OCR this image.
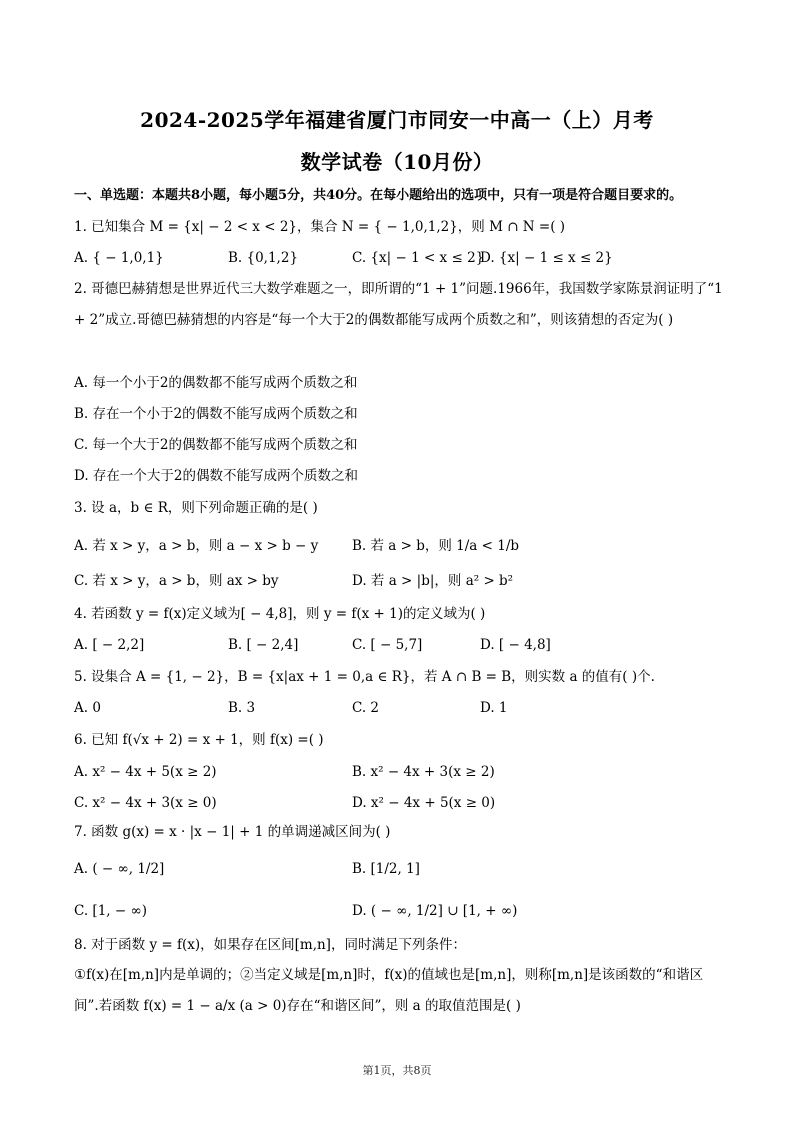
2024-2025学年福建省厦门市同安一中高一（上）月考
数学试卷（10月份）
一、单选题：本题共8小题，每小题5分，共40分。在每小题给出的选项中，只有一项是符合题目要求的。
1. 已知集合 M = {x| − 2 < x < 2}，集合 N = { − 1,0,1,2}，则 M ∩ N =( )
A. { − 1,0,1}	B. {0,1,2}	C. {x| − 1 < x ≤ 2}
D. {x| − 1 ≤ x ≤ 2}
2. 哥德巴赫猜想是世界近代三大数学难题之一，即所谓的“1 + 1”问题.1966年，我国数学家陈景润证明了“1 + 2”成立.哥德巴赫猜想的内容是“每一个大于2的偶数都能写成两个质数之和”，则该猜想的否定为( )
A. 每一个小于2的偶数都不能写成两个质数之和
B. 存在一个小于2的偶数不能写成两个质数之和
C. 每一个大于2的偶数都不能写成两个质数之和
D. 存在一个大于2的偶数不能写成两个质数之和
3. 设 a，b ∈ R，则下列命题正确的是( )
A. 若 x > y，a > b，则 a − x > b − y	B. 若 a > b，则 1/a < 1/b
C. 若 x > y，a > b，则 ax > by	D. 若 a > |b|，则 a² > b²
4. 若函数 y = f(x)定义域为[ − 4,8]，则 y = f(x + 1)的定义域为( )
A. [ − 2,2]	B. [ − 2,4]	C. [ − 5,7]	D. [ − 4,8]
5. 设集合 A = {1, − 2}，B = {x|ax + 1 = 0,a ∈ R}，若 A ∩ B = B，则实数 a 的值有( )个.
A. 0	B. 3	C. 2	D. 1
6. 已知 f(√x + 2) = x + 1，则 f(x) =( )
A. x² − 4x + 5(x ≥ 2)	B. x² − 4x + 3(x ≥ 2)
C. x² − 4x + 3(x ≥ 0)	D. x² − 4x + 5(x ≥ 0)
7. 函数 g(x) = x · |x − 1| + 1 的单调递减区间为( )
A. ( − ∞, 1/2]	B. [1/2, 1]
C. [1, − ∞)	D. ( − ∞, 1/2] ∪ [1, + ∞)
8. 对于函数 y = f(x)，如果存在区间[m,n]，同时满足下列条件：
①f(x)在[m,n]内是单调的；②当定义域是[m,n]时，f(x)的值域也是[m,n]，则称[m,n]是该函数的“和谐区间”.若函数 f(x) = 1 − a/x (a > 0)存在“和谐区间”，则 a 的取值范围是( )
第1页，共8页
